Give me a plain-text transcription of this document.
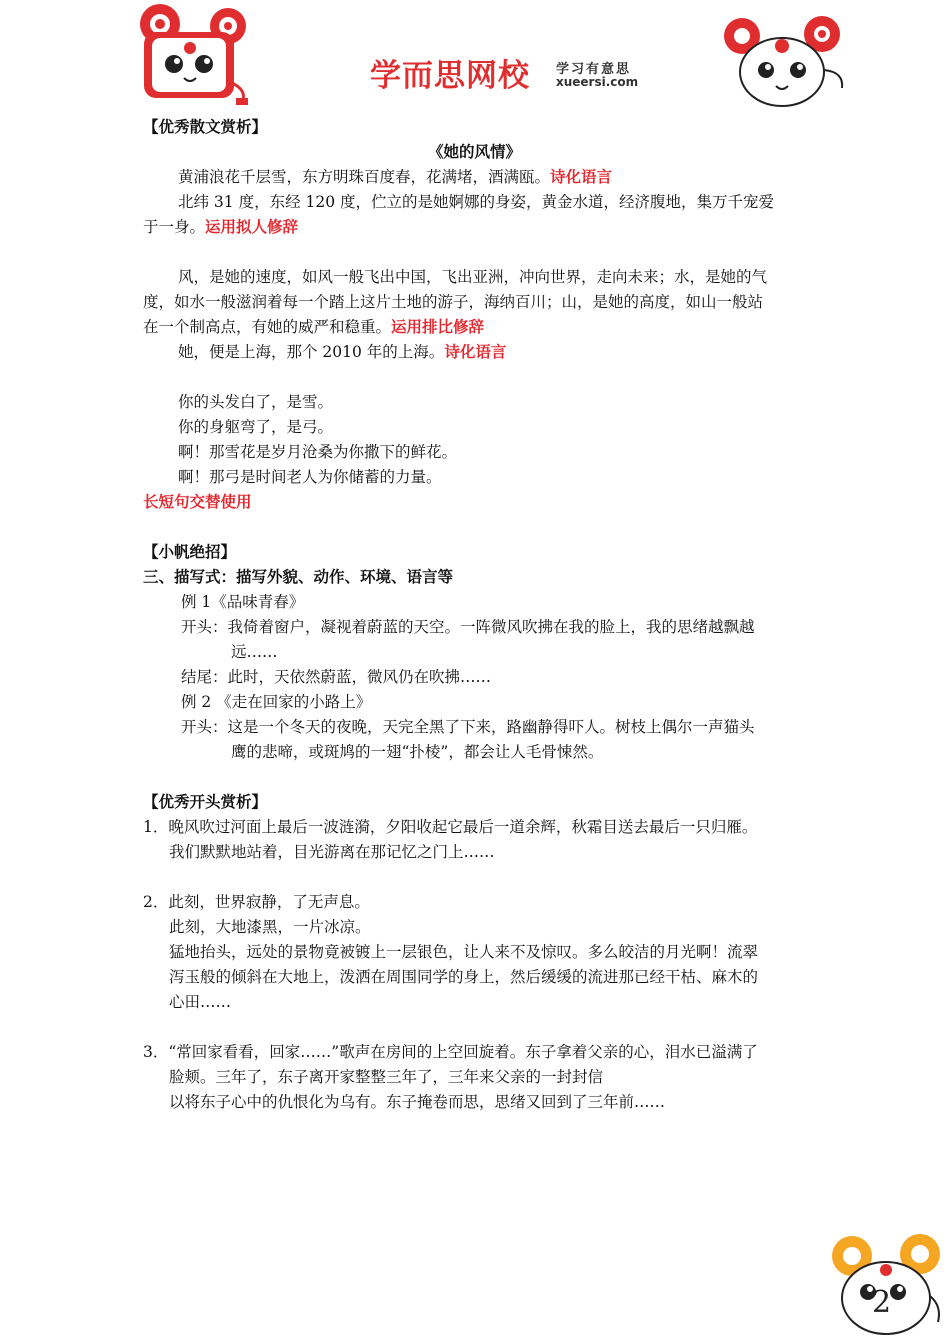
学而思网校 学习有意思
xueersi.com
【优秀散文赏析】
《她的风情》
黄浦浪花千层雪，东方明珠百度春，花满堵，酒满瓯。诗化语言
北纬 31 度，东经 120 度，伫立的是她婀娜的身姿，黄金水道，经济腹地，集万千宠爱
于一身。运用拟人修辞
风，是她的速度，如风一般飞出中国，飞出亚洲，冲向世界，走向未来；水，是她的气
度，如水一般滋润着每一个踏上这片土地的游子，海纳百川；山，是她的高度，如山一般站
在一个制高点，有她的威严和稳重。运用排比修辞
她，便是上海，那个 2010 年的上海。诗化语言
你的头发白了，是雪。
你的身躯弯了，是弓。
啊！那雪花是岁月沧桑为你撒下的鲜花。
啊！那弓是时间老人为你储蓄的力量。
长短句交替使用
【小帆绝招】
三、描写式：描写外貌、动作、环境、语言等
例 1《品味青春》
开头：我倚着窗户，凝视着蔚蓝的天空。一阵微风吹拂在我的脸上，我的思绪越飘越
远……
结尾：此时，天依然蔚蓝，微风仍在吹拂……
例 2 《走在回家的小路上》
开头：这是一个冬天的夜晚，天完全黑了下来，路幽静得吓人。树枝上偶尔一声猫头
鹰的悲啼，或斑鸠的一翅“扑棱”，都会让人毛骨悚然。
【优秀开头赏析】
1．晚风吹过河面上最后一波涟漪，夕阳收起它最后一道余辉，秋霜目送去最后一只归雁。
我们默默地站着，目光游离在那记忆之门上……
2．此刻，世界寂静，了无声息。
此刻，大地漆黑，一片冰凉。
猛地抬头，远处的景物竟被镀上一层银色，让人来不及惊叹。多么皎洁的月光啊！流翠
泻玉般的倾斜在大地上，泼洒在周围同学的身上，然后缓缓的流进那已经干枯、麻木的
心田……
3．“常回家看看，回家……”歌声在房间的上空回旋着。东子拿着父亲的心，泪水已溢满了
脸颊。三年了，东子离开家整整三年了，三年来父亲的一封封信
以将东子心中的仇恨化为乌有。东子掩卷而思，思绪又回到了三年前……
2
